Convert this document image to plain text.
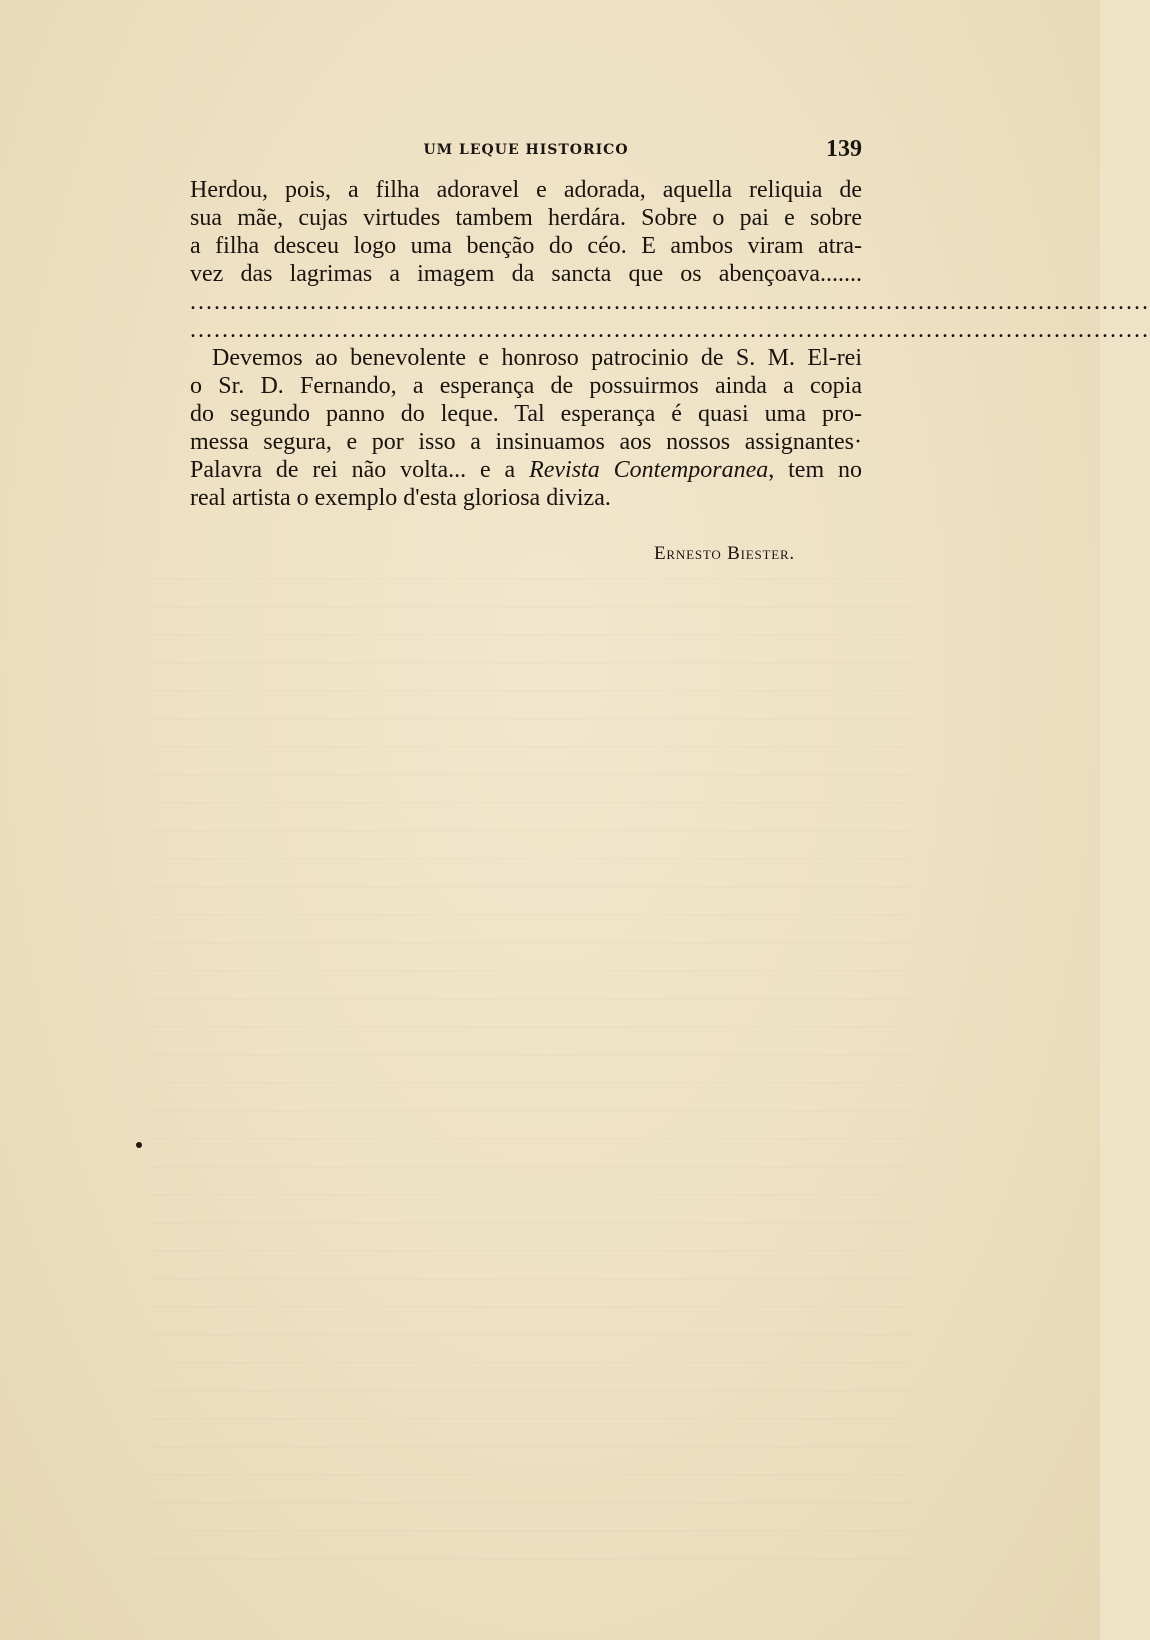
UM LEQUE HISTORICO	139
Herdou, pois, a filha adoravel e adorada, aquella reliquia de
sua mãe, cujas virtudes tambem herdára. Sobre o pai e sobre
a filha desceu logo uma benção do céo. E ambos viram atra-
vez das lagrimas a imagem da sancta que os abençoava.......
........................................................................................................................
........................................................................................................................
Devemos ao benevolente e honroso patrocinio de S. M. El-rei
o Sr. D. Fernando, a esperança de possuirmos ainda a copia
do segundo panno do leque. Tal esperança é quasi uma pro-
messa segura, e por isso a insinuamos aos nossos assignantes·
Palavra de rei não volta... e a Revista Contemporanea, tem no
real artista o exemplo d'esta gloriosa diviza.
Ernesto Biester.
